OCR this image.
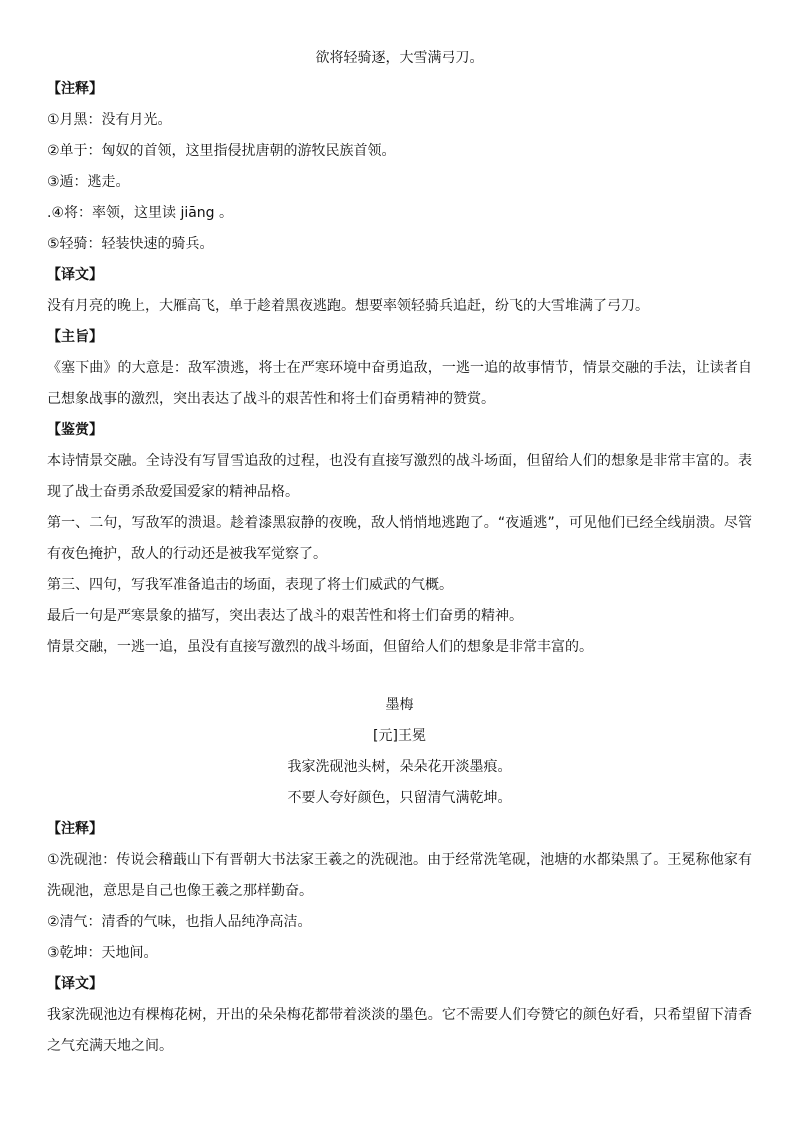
欲将轻骑逐，大雪满弓刀。
【注释】
①月黑：没有月光。
②单于：匈奴的首领，这里指侵扰唐朝的游牧民族首领。
③遁：逃走。
.④将：率领，这里读 jiāng 。
⑤轻骑：轻装快速的骑兵。
【译文】
没有月亮的晚上，大雁高飞，单于趁着黑夜逃跑。想要率领轻骑兵追赶，纷飞的大雪堆满了弓刀。
【主旨】
《塞下曲》的大意是：敌军溃逃，将士在严寒环境中奋勇追敌，一逃一追的故事情节，情景交融的手法，让读者自己想象战事的激烈，突出表达了战斗的艰苦性和将士们奋勇精神的赞赏。
【鉴赏】
本诗情景交融。全诗没有写冒雪追敌的过程，也没有直接写激烈的战斗场面，但留给人们的想象是非常丰富的。表现了战士奋勇杀敌爱国爱家的精神品格。
第一、二句，写敌军的溃退。趁着漆黑寂静的夜晚，敌人悄悄地逃跑了。“夜遁逃”，可见他们已经全线崩溃。尽管有夜色掩护，敌人的行动还是被我军觉察了。
第三、四句，写我军准备追击的场面，表现了将士们威武的气概。
最后一句是严寒景象的描写，突出表达了战斗的艰苦性和将士们奋勇的精神。
情景交融，一逃一追，虽没有直接写激烈的战斗场面，但留给人们的想象是非常丰富的。
墨梅
[元]王冕
我家洗砚池头树，朵朵花开淡墨痕。
不要人夸好颜色，只留清气满乾坤。
【注释】
①洗砚池：传说会稽蕺山下有晋朝大书法家王羲之的洗砚池。由于经常洗笔砚，池塘的水都染黑了。王冕称他家有洗砚池，意思是自己也像王羲之那样勤奋。
②清气：清香的气味，也指人品纯净高洁。
③乾坤：天地间。
【译文】
我家洗砚池边有棵梅花树，开出的朵朵梅花都带着淡淡的墨色。它不需要人们夸赞它的颜色好看，只希望留下清香之气充满天地之间。
